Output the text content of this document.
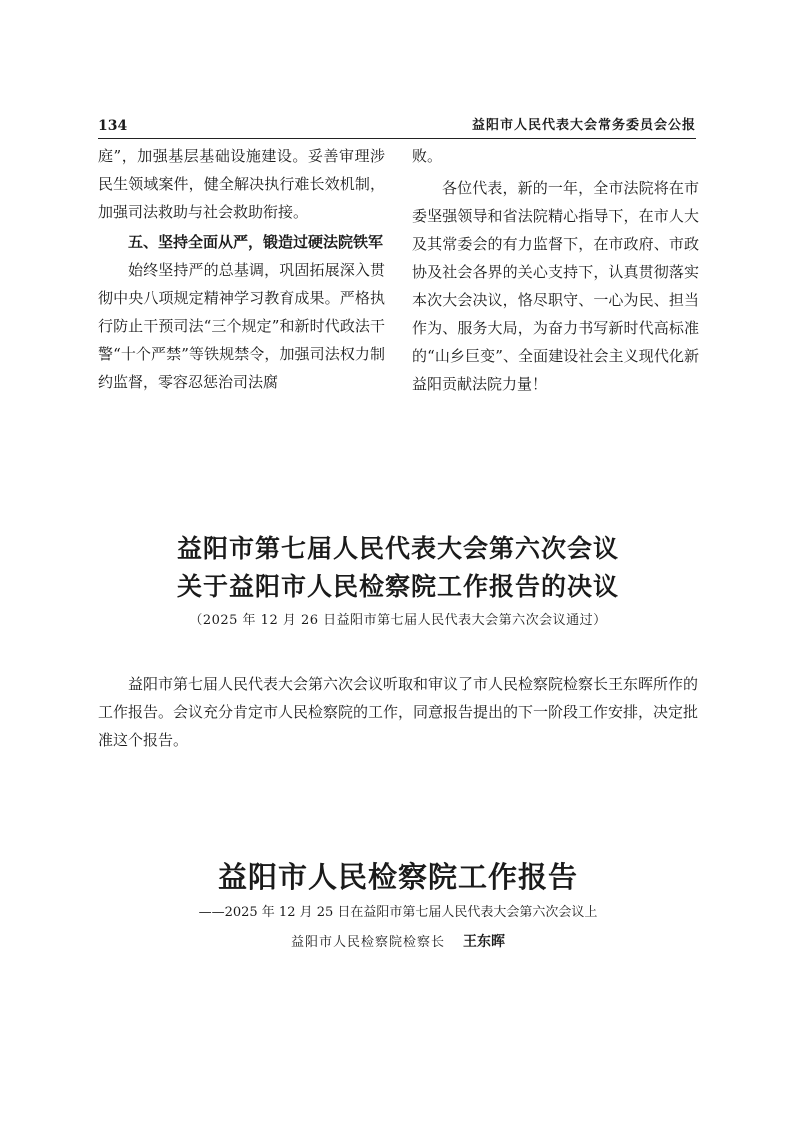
134	益阳市人民代表大会常务委员会公报

庭”，加强基层基础设施建设。妥善审理涉民生领域案件，健全解决执行难长效机制，加强司法救助与社会救助衔接。

五、坚持全面从严，锻造过硬法院铁军

始终坚持严的总基调，巩固拓展深入贯彻中央八项规定精神学习教育成果。严格执行防止干预司法“三个规定”和新时代政法干警“十个严禁”等铁规禁令，加强司法权力制约监督，零容忍惩治司法腐

败。

各位代表，新的一年，全市法院将在市委坚强领导和省法院精心指导下，在市人大及其常委会的有力监督下，在市政府、市政协及社会各界的关心支持下，认真贯彻落实本次大会决议，恪尽职守、一心为民、担当作为、服务大局，为奋力书写新时代高标准的“山乡巨变”、全面建设社会主义现代化新益阳贡献法院力量！

益阳市第七届人民代表大会第六次会议

关于益阳市人民检察院工作报告的决议

（2025 年 12 月 26 日益阳市第七届人民代表大会第六次会议通过）

益阳市第七届人民代表大会第六次会议听取和审议了市人民检察院检察长王东晖所作的工作报告。会议充分肯定市人民检察院的工作，同意报告提出的下一阶段工作安排，决定批准这个报告。

益阳市人民检察院工作报告

——2025 年 12 月 25 日在益阳市第七届人民代表大会第六次会议上

益阳市人民检察院检察长 王东晖
